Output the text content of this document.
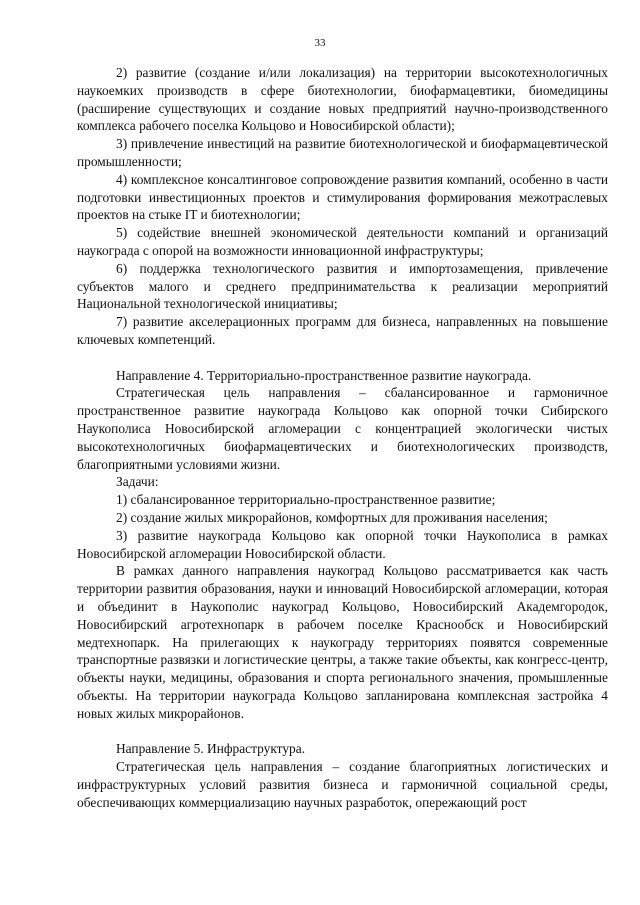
33

2) развитие (создание и/или локализация) на территории высокотехнологичных наукоемких производств в сфере биотехнологии, биофармацевтики, биомедицины (расширение существующих и создание новых предприятий научно-производственного комплекса рабочего поселка Кольцово и Новосибирской области);

3) привлечение инвестиций на развитие биотехнологической и биофармацевтической промышленности;

4) комплексное консалтинговое сопровождение развития компаний, особенно в части подготовки инвестиционных проектов и стимулирования формирования межотраслевых проектов на стыке IT и биотехнологии;

5) содействие внешней экономической деятельности компаний и организаций наукограда с опорой на возможности инновационной инфраструктуры;

6) поддержка технологического развития и импортозамещения, привлечение субъектов малого и среднего предпринимательства к реализации мероприятий Национальной технологической инициативы;

7) развитие акселерационных программ для бизнеса, направленных на повышение ключевых компетенций.

Направление 4. Территориально-пространственное развитие наукограда.

Стратегическая цель направления – сбалансированное и гармоничное пространственное развитие наукограда Кольцово как опорной точки Сибирского Наукополиса Новосибирской агломерации с концентрацией экологически чистых высокотехнологичных биофармацевтических и биотехнологических производств, благоприятными условиями жизни.

Задачи:

1) сбалансированное территориально-пространственное развитие;

2) создание жилых микрорайонов, комфортных для проживания населения;

3) развитие наукограда Кольцово как опорной точки Наукополиса в рамках Новосибирской агломерации Новосибирской области.

В рамках данного направления наукоград Кольцово рассматривается как часть территории развития образования, науки и инноваций Новосибирской агломерации, которая и объединит в Наукополис наукоград Кольцово, Новосибирский Академгородок, Новосибирский агротехнопарк в рабочем поселке Краснообск и Новосибирский медтехнопарк. На прилегающих к наукограду территориях появятся современные транспортные развязки и логистические центры, а также такие объекты, как конгресс-центр, объекты науки, медицины, образования и спорта регионального значения, промышленные объекты. На территории наукограда Кольцово запланирована комплексная застройка 4 новых жилых микрорайонов.

Направление 5. Инфраструктура.

Стратегическая цель направления – создание благоприятных логистических и инфраструктурных условий развития бизнеса и гармоничной социальной среды, обеспечивающих коммерциализацию научных разработок, опережающий рост
